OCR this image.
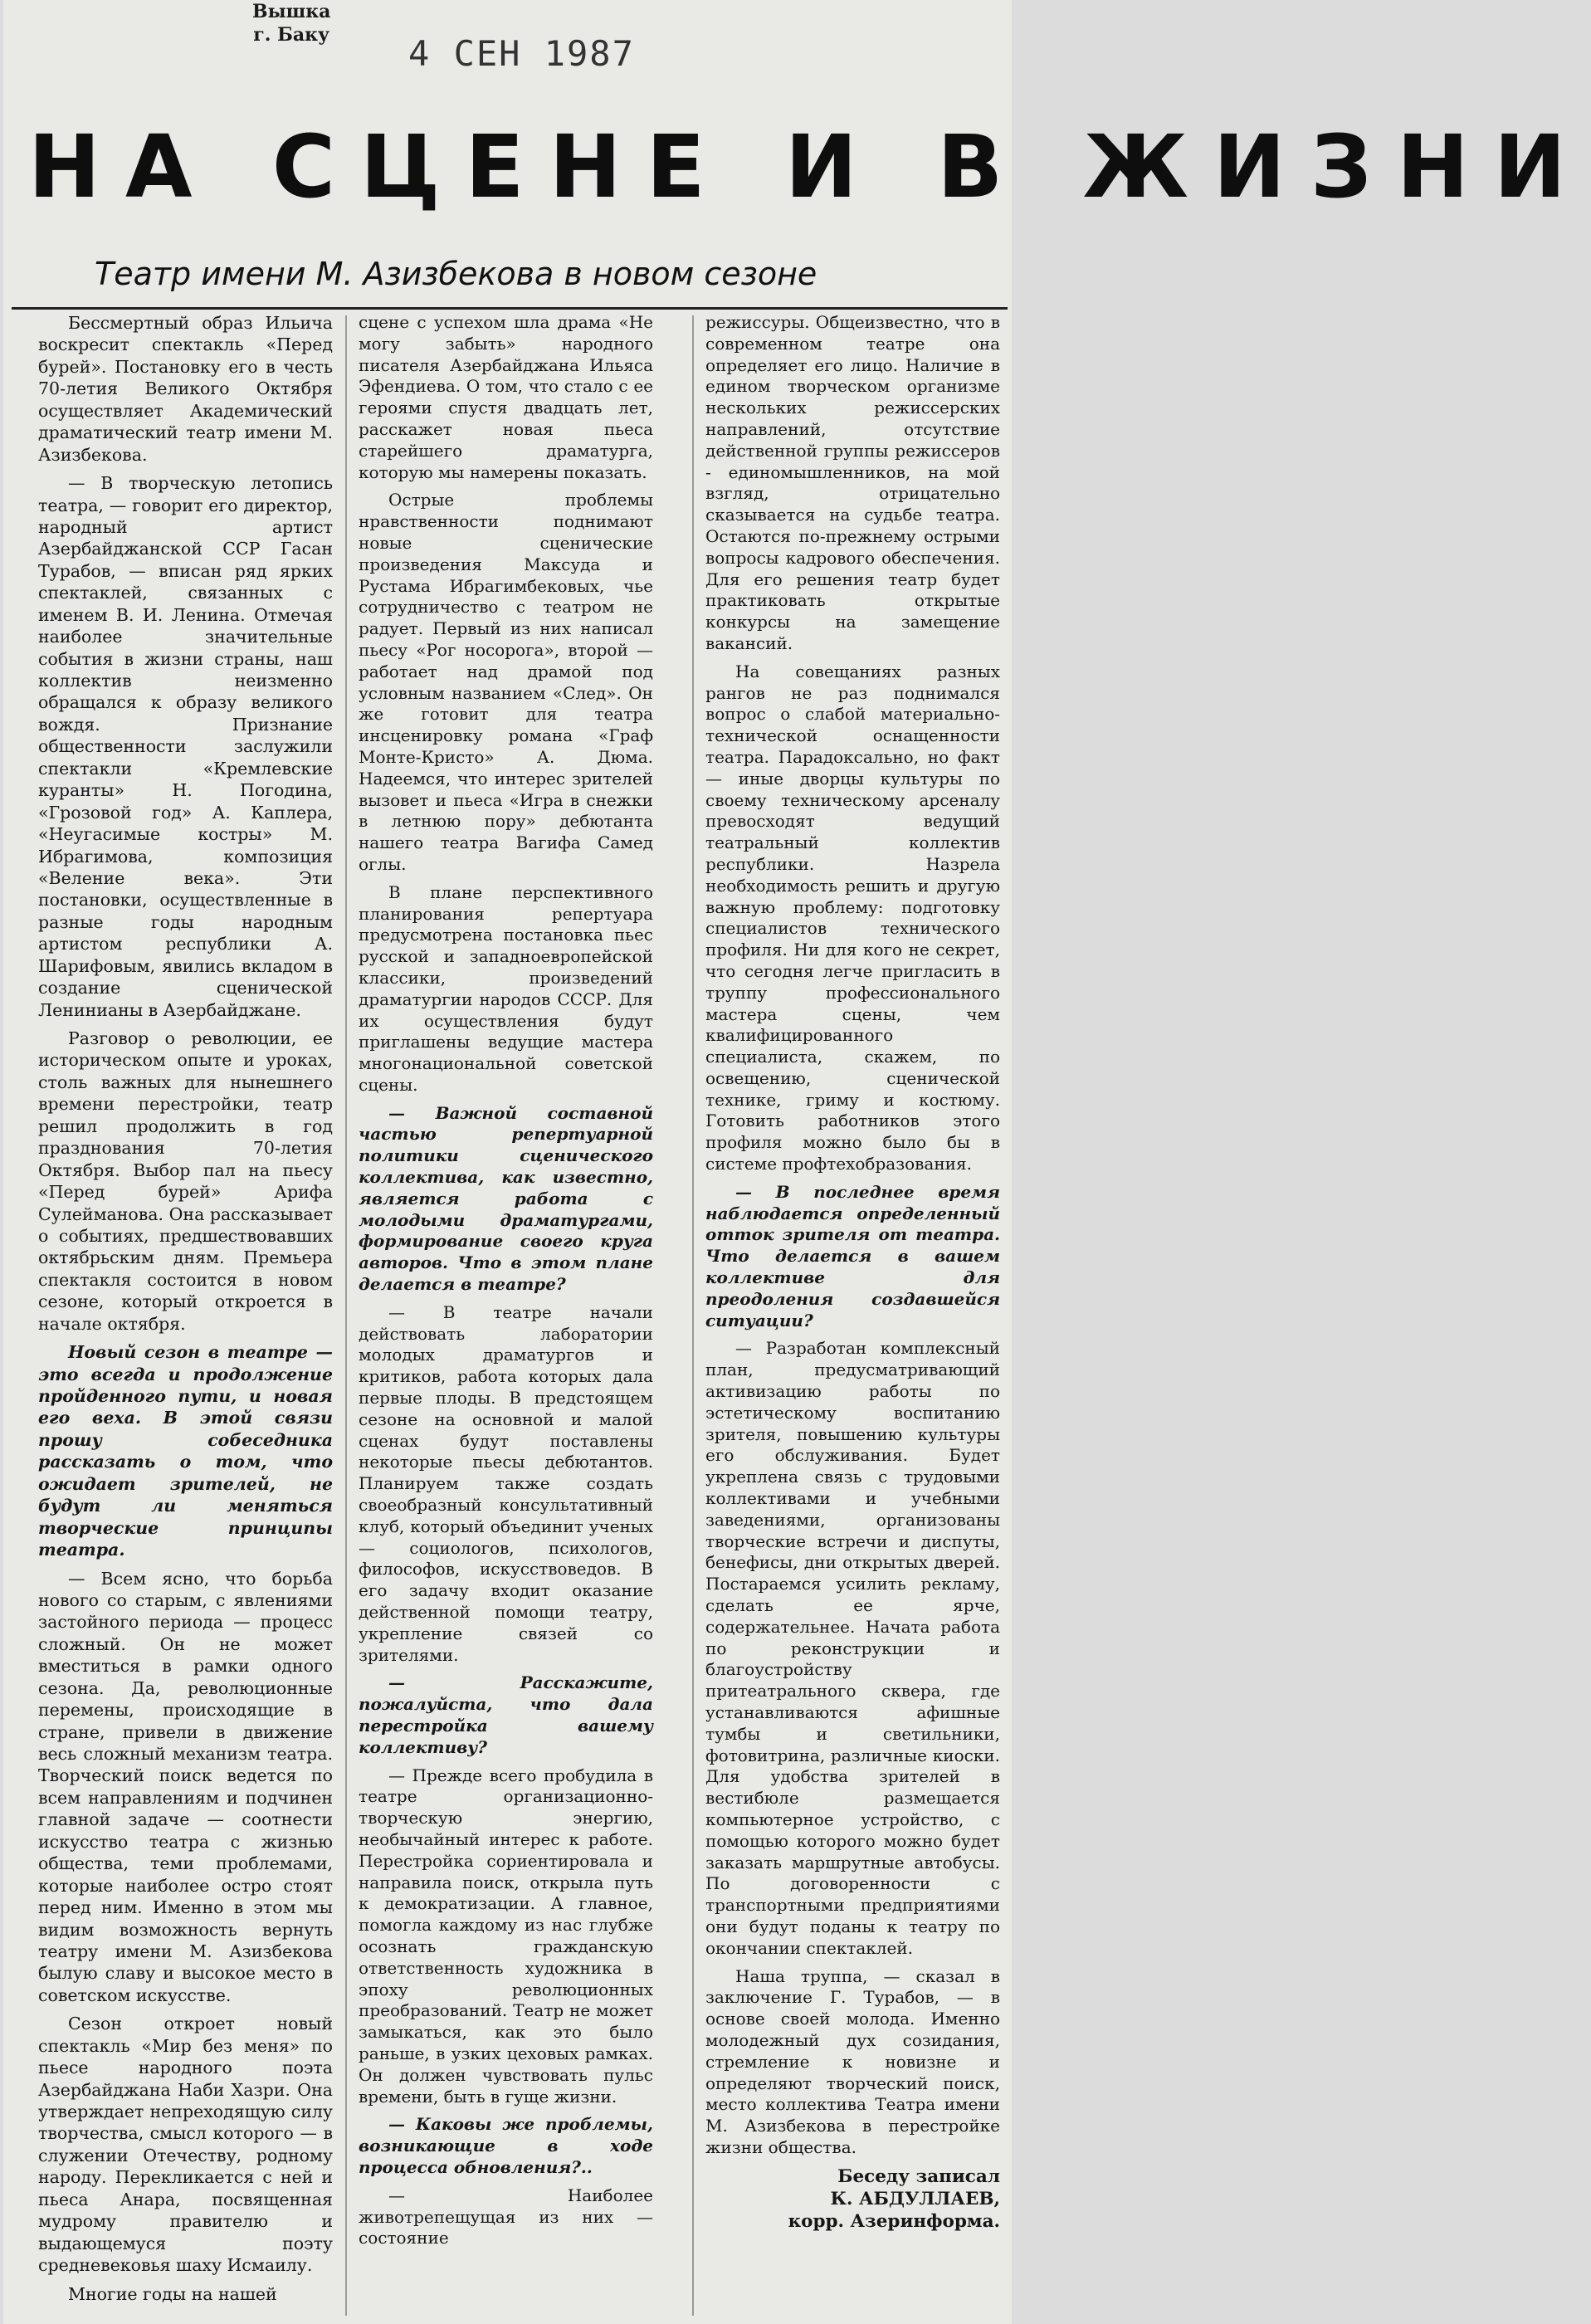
Вышка
г. Баку 4 СЕН 1987
НА СЦЕНЕ И В ЖИЗНИ
Театр имени М. Азизбекова в новом сезоне

Бессмертный образ Ильича воскресит спектакль «Перед бурей». Постановку его в честь 70-летия Великого Октября осуществляет Академический драматический театр имени М. Азизбекова.

— В творческую летопись театра, — говорит его директор, народный артист Азербайджанской ССР Гасан Турабов, — вписан ряд ярких спектаклей, связанных с именем В. И. Ленина. Отмечая наиболее значительные события в жизни страны, наш коллектив неизменно обращался к образу великого вождя. Признание общественности заслужили спектакли «Кремлевские куранты» Н. Погодина, «Грозовой год» А. Каплера, «Неугасимые костры» М. Ибрагимова, композиция «Веление века». Эти постановки, осуществленные в разные годы народным артистом республики А. Шарифовым, явились вкладом в создание сценической Ленинианы в Азербайджане.

Разговор о революции, ее историческом опыте и уроках, столь важных для нынешнего времени перестройки, театр решил продолжить в год празднования 70-летия Октября. Выбор пал на пьесу «Перед бурей» Арифа Сулейманова. Она рассказывает о событиях, предшествовавших октябрьским дням. Премьера спектакля состоится в новом сезоне, который откроется в начале октября.

Новый сезон в театре — это всегда и продолжение пройденного пути, и новая его веха. В этой связи прошу собеседника рассказать о том, что ожидает зрителей, не будут ли меняться творческие принципы театра.

— Всем ясно, что борьба нового со старым, с явлениями застойного периода — процесс сложный. Он не может вместиться в рамки одного сезона. Да, революционные перемены, происходящие в стране, привели в движение весь сложный механизм театра. Творческий поиск ведется по всем направлениям и подчинен главной задаче — соотнести искусство театра с жизнью общества, теми проблемами, которые наиболее остро стоят перед ним. Именно в этом мы видим возможность вернуть театру имени М. Азизбекова былую славу и высокое место в советском искусстве.

Сезон откроет новый спектакль «Мир без меня» по пьесе народного поэта Азербайджана Наби Хазри. Она утверждает непреходящую силу творчества, смысл которого — в служении Отечеству, родному народу. Перекликается с ней и пьеса Анара, посвященная мудрому правителю и выдающемуся поэту средневековья шаху Исмаилу.

Многие годы на нашей

сцене с успехом шла драма «Не могу забыть» народного писателя Азербайджана Ильяса Эфендиева. О том, что стало с ее героями спустя двадцать лет, расскажет новая пьеса старейшего драматурга, которую мы намерены показать.

Острые проблемы нравственности поднимают новые сценические произведения Максуда и Рустама Ибрагимбековых, чье сотрудничество с театром не радует. Первый из них написал пьесу «Рог носорога», второй — работает над драмой под условным названием «След». Он же готовит для театра инсценировку романа «Граф Монте-Кристо» А. Дюма. Надеемся, что интерес зрителей вызовет и пьеса «Игра в снежки в летнюю пору» дебютанта нашего театра Вагифа Самед оглы.

В плане перспективного планирования репертуара предусмотрена постановка пьес русской и западноевропейской классики, произведений драматургии народов СССР. Для их осуществления будут приглашены ведущие мастера многонациональной советской сцены.

— Важной составной частью репертуарной политики сценического коллектива, как известно, является работа с молодыми драматургами, формирование своего круга авторов. Что в этом плане делается в театре?

— В театре начали действовать лаборатории молодых драматургов и критиков, работа которых дала первые плоды. В предстоящем сезоне на основной и малой сценах будут поставлены некоторые пьесы дебютантов. Планируем также создать своеобразный консультативный клуб, который объединит ученых — социологов, психологов, философов, искусствоведов. В его задачу входит оказание действенной помощи театру, укрепление связей со зрителями.

— Расскажите, пожалуйста, что дала перестройка вашему коллективу?

— Прежде всего пробудила в театре организационно-творческую энергию, необычайный интерес к работе. Перестройка сориентировала и направила поиск, открыла путь к демократизации. А главное, помогла каждому из нас глубже осознать гражданскую ответственность художника в эпоху революционных преобразований. Театр не может замыкаться, как это было раньше, в узких цеховых рамках. Он должен чувствовать пульс времени, быть в гуще жизни.

— Каковы же проблемы, возникающие в ходе процесса обновления?..

— Наиболее животрепещущая из них — состояние

режиссуры. Общеизвестно, что в современном театре она определяет его лицо. Наличие в едином творческом организме нескольких режиссерских направлений, отсутствие действенной группы режиссеров - единомышленников, на мой взгляд, отрицательно сказывается на судьбе театра. Остаются по-прежнему острыми вопросы кадрового обеспечения. Для его решения театр будет практиковать открытые конкурсы на замещение вакансий.

На совещаниях разных рангов не раз поднимался вопрос о слабой материально-технической оснащенности театра. Парадоксально, но факт — иные дворцы культуры по своему техническому арсеналу превосходят ведущий театральный коллектив республики. Назрела необходимость решить и другую важную проблему: подготовку специалистов технического профиля. Ни для кого не секрет, что сегодня легче пригласить в труппу профессионального мастера сцены, чем квалифицированного специалиста, скажем, по освещению, сценической технике, гриму и костюму. Готовить работников этого профиля можно было бы в системе профтехобразования.

— В последнее время наблюдается определенный отток зрителя от театра. Что делается в вашем коллективе для преодоления создавшейся ситуации?

— Разработан комплексный план, предусматривающий активизацию работы по эстетическому воспитанию зрителя, повышению культуры его обслуживания. Будет укреплена связь с трудовыми коллективами и учебными заведениями, организованы творческие встречи и диспуты, бенефисы, дни открытых дверей. Постараемся усилить рекламу, сделать ее ярче, содержательнее. Начата работа по реконструкции и благоустройству притеатрального сквера, где устанавливаются афишные тумбы и светильники, фотовитрина, различные киоски. Для удобства зрителей в вестибюле размещается компьютерное устройство, с помощью которого можно будет заказать маршрутные автобусы. По договоренности с транспортными предприятиями они будут поданы к театру по окончании спектаклей.

Наша труппа, — сказал в заключение Г. Турабов, — в основе своей молода. Именно молодежный дух созидания, стремление к новизне и определяют творческий поиск, место коллектива Театра имени М. Азизбекова в перестройке жизни общества.

Беседу записал
К. АБДУЛЛАЕВ,
корр. Азеринформа.
